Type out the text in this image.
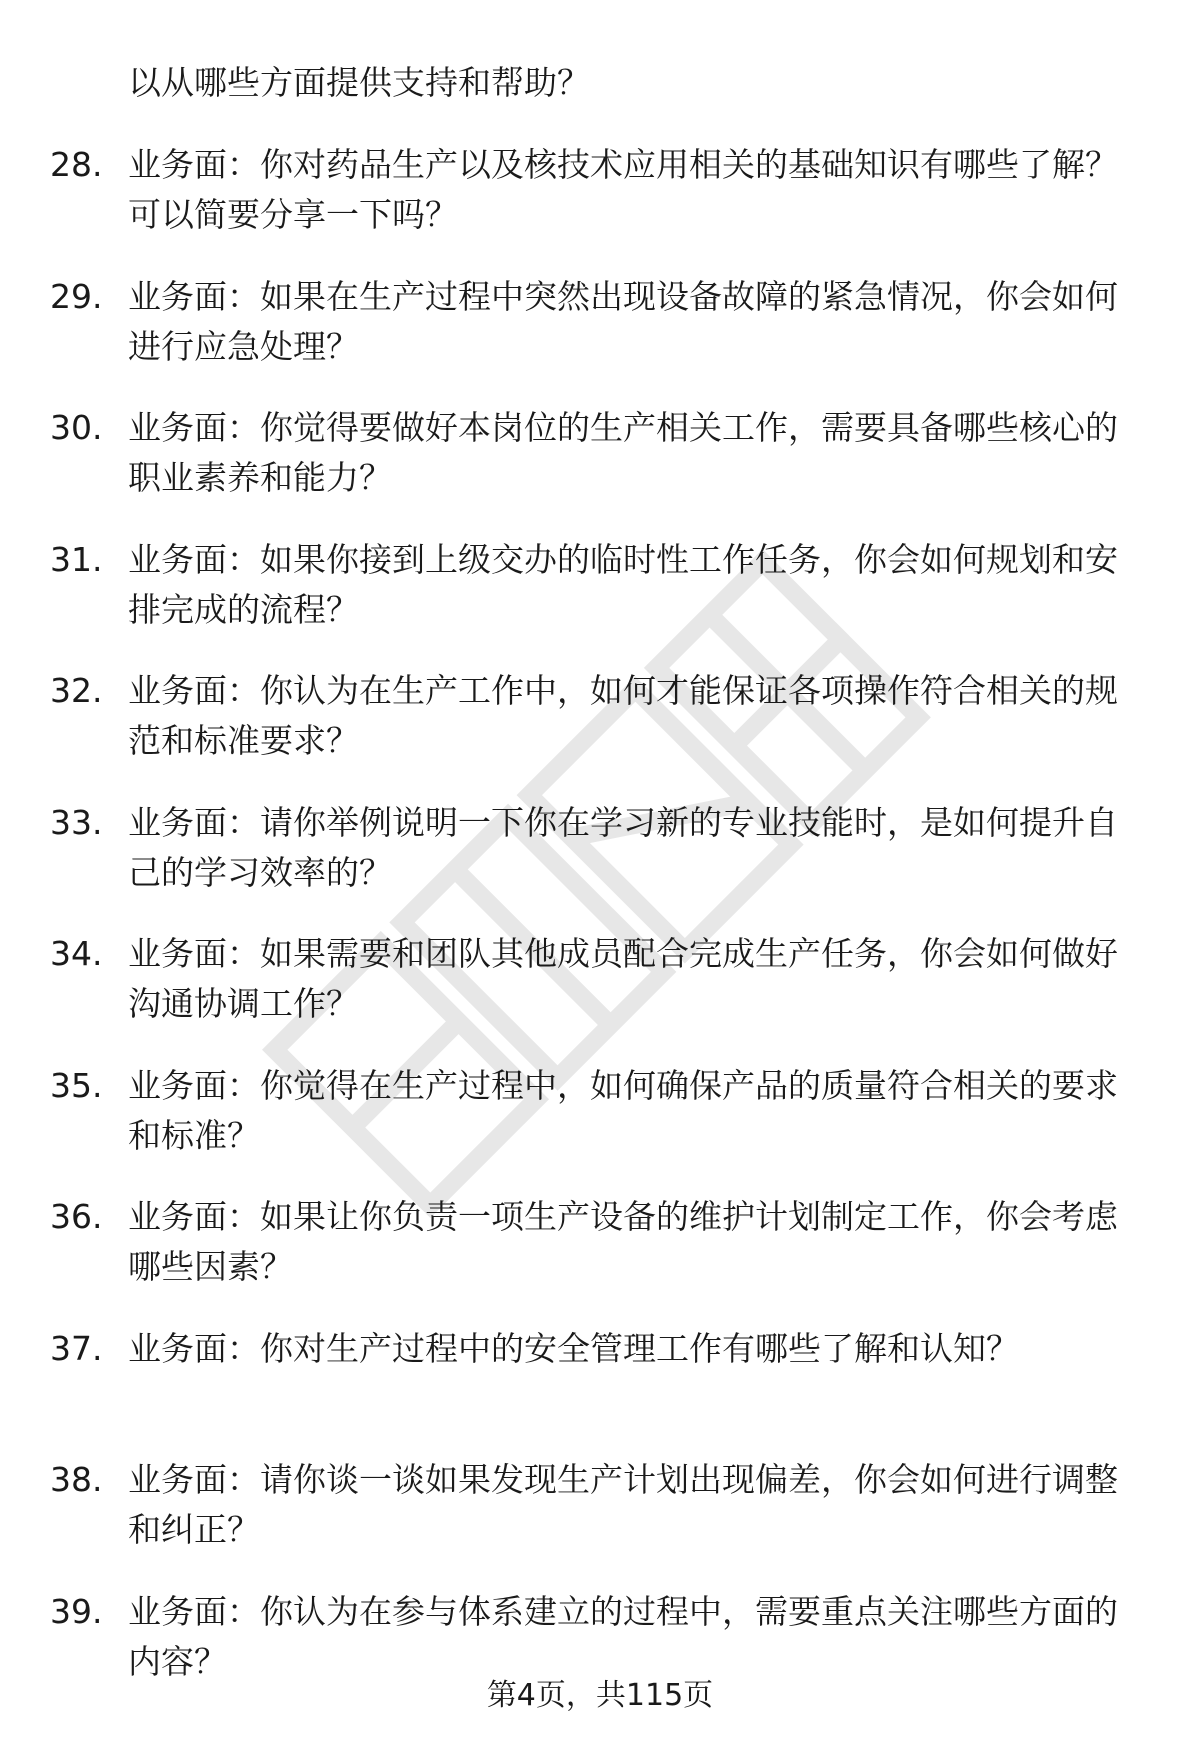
以从哪些方面提供支持和帮助？

28. 业务面：你对药品生产以及核技术应用相关的基础知识有哪些了解？可以简要分享一下吗？

29. 业务面：如果在生产过程中突然出现设备故障的紧急情况，你会如何进行应急处理？

30. 业务面：你觉得要做好本岗位的生产相关工作，需要具备哪些核心的职业素养和能力？

31. 业务面：如果你接到上级交办的临时性工作任务，你会如何规划和安排完成的流程？

32. 业务面：你认为在生产工作中，如何才能保证各项操作符合相关的规范和标准要求？

33. 业务面：请你举例说明一下你在学习新的专业技能时，是如何提升自己的学习效率的？

34. 业务面：如果需要和团队其他成员配合完成生产任务，你会如何做好沟通协调工作？

35. 业务面：你觉得在生产过程中，如何确保产品的质量符合相关的要求和标准？

36. 业务面：如果让你负责一项生产设备的维护计划制定工作，你会考虑哪些因素？

37. 业务面：你对生产过程中的安全管理工作有哪些了解和认知？

38. 业务面：请你谈一谈如果发现生产计划出现偏差，你会如何进行调整和纠正？

39. 业务面：你认为在参与体系建立的过程中，需要重点关注哪些方面的内容？

第4页，共115页
